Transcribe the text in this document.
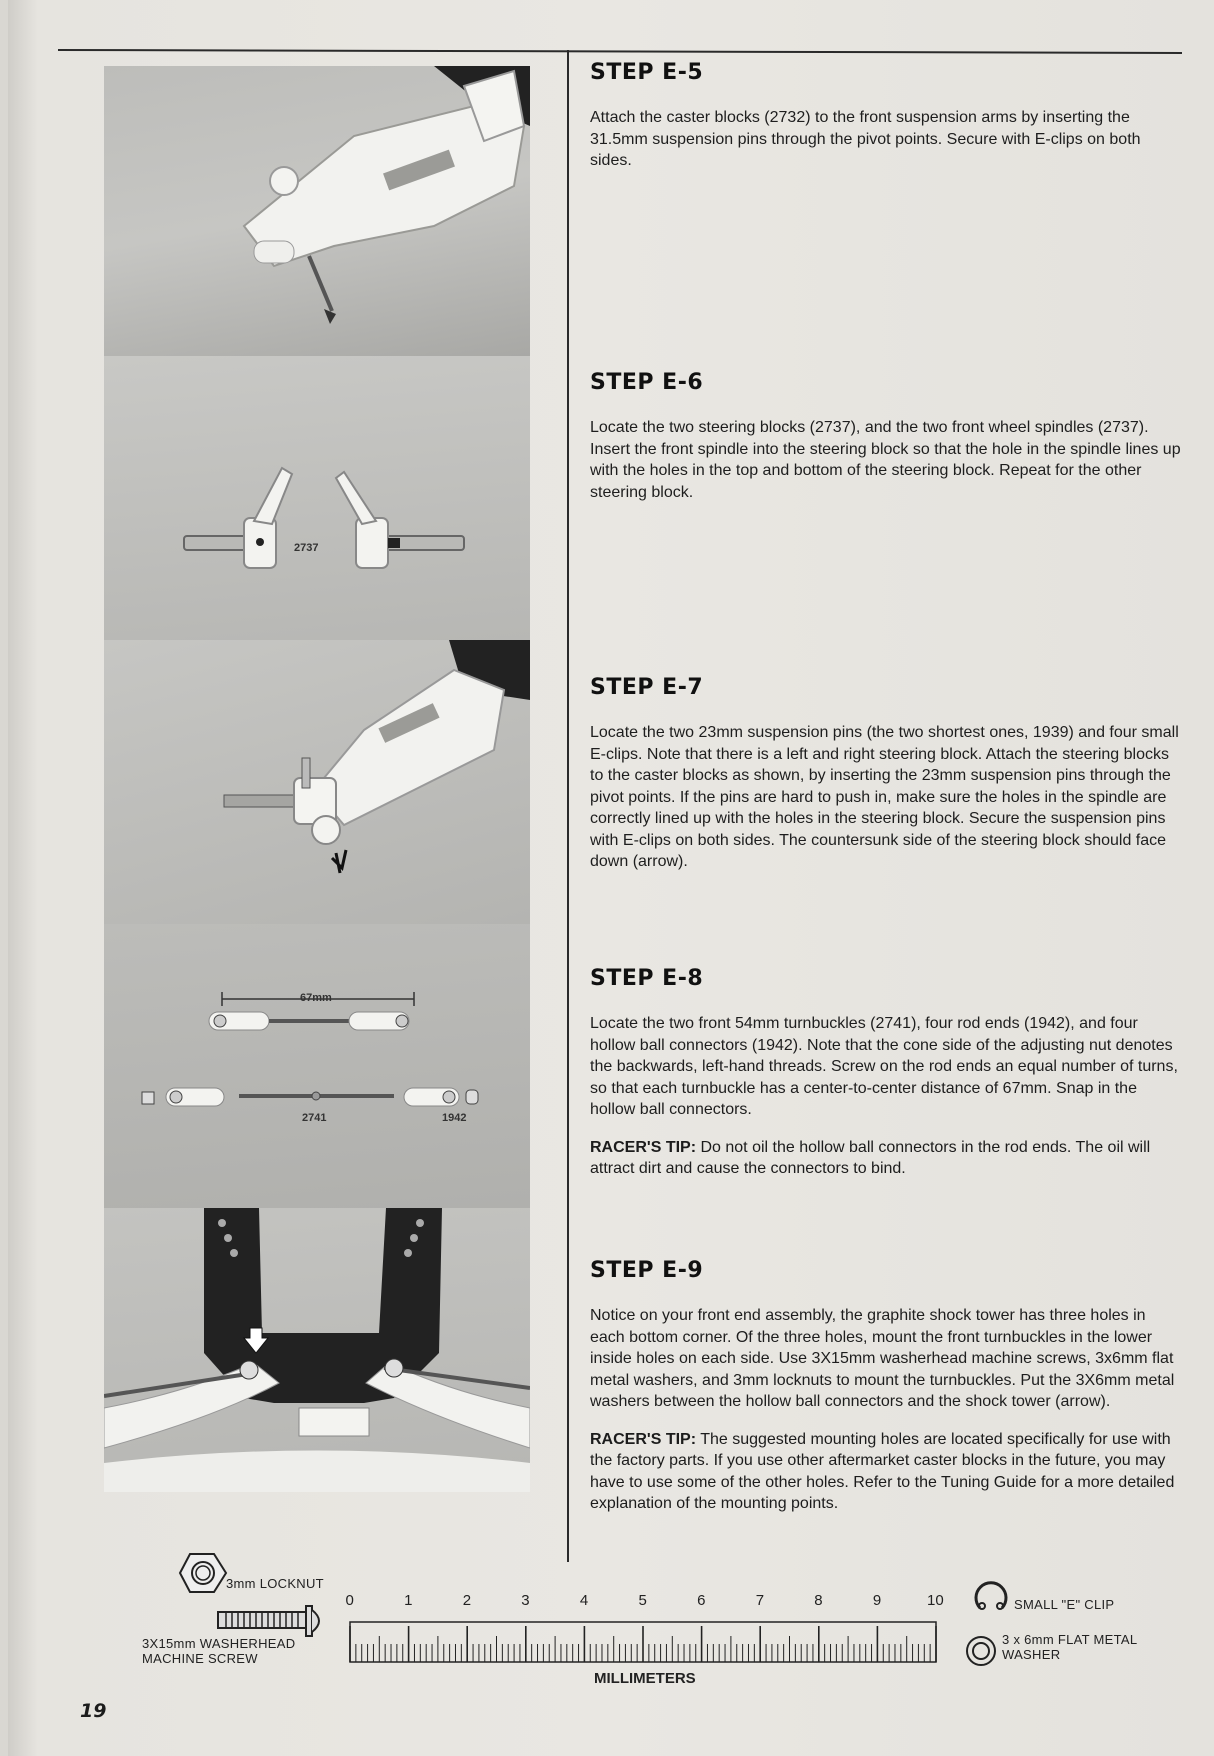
2737
67mm
2741	1942
STEP E-5
Attach the caster blocks (2732) to the front suspension arms by inserting the 31.5mm suspension pins through the pivot points. Secure with E-clips on both sides.
STEP E-6
Locate the two steering blocks (2737), and the two front wheel spindles (2737). Insert the front spindle into the steering block so that the hole in the spindle lines up with the holes in the top and bottom of the steering block. Repeat for the other steering block.
STEP E-7
Locate the two 23mm suspension pins (the two shortest ones, 1939) and four small E-clips. Note that there is a left and right steering block. Attach the steering blocks to the caster blocks as shown, by inserting the 23mm suspension pins through the pivot points. If the pins are hard to push in, make sure the holes in the spindle are correctly lined up with the holes in the steering block. Secure the suspension pins with E-clips on both sides. The countersunk side of the steering block should face down (arrow).
STEP E-8
Locate the two front 54mm turnbuckles (2741), four rod ends (1942), and four hollow ball connectors (1942). Note that the cone side of the adjusting nut denotes the backwards, left-hand threads. Screw on the rod ends an equal number of turns, so that each turnbuckle has a center-to-center distance of 67mm. Snap in the hollow ball connectors.
RACER'S TIP: Do not oil the hollow ball connectors in the rod ends. The oil will attract dirt and cause the connectors to bind.
STEP E-9
Notice on your front end assembly, the graphite shock tower has three holes in each bottom corner. Of the three holes, mount the front turnbuckles in the lower inside holes on each side. Use 3X15mm washerhead machine screws, 3x6mm flat metal washers, and 3mm locknuts to mount the turnbuckles. Put the 3X6mm metal washers between the hollow ball connectors and the shock tower (arrow).
RACER'S TIP: The suggested mounting holes are located specifically for use with the factory parts. If you use other aftermarket caster blocks in the future, you may have to use some of the other holes. Refer to the Tuning Guide for a more detailed explanation of the mounting points.
3mm LOCKNUT
3X15mm WASHERHEAD
MACHINE SCREW
SMALL "E" CLIP
3 x 6mm FLAT METAL
WASHER
0	1	2	3	4	5	6	7	8	9	10
MILLIMETERS
19
